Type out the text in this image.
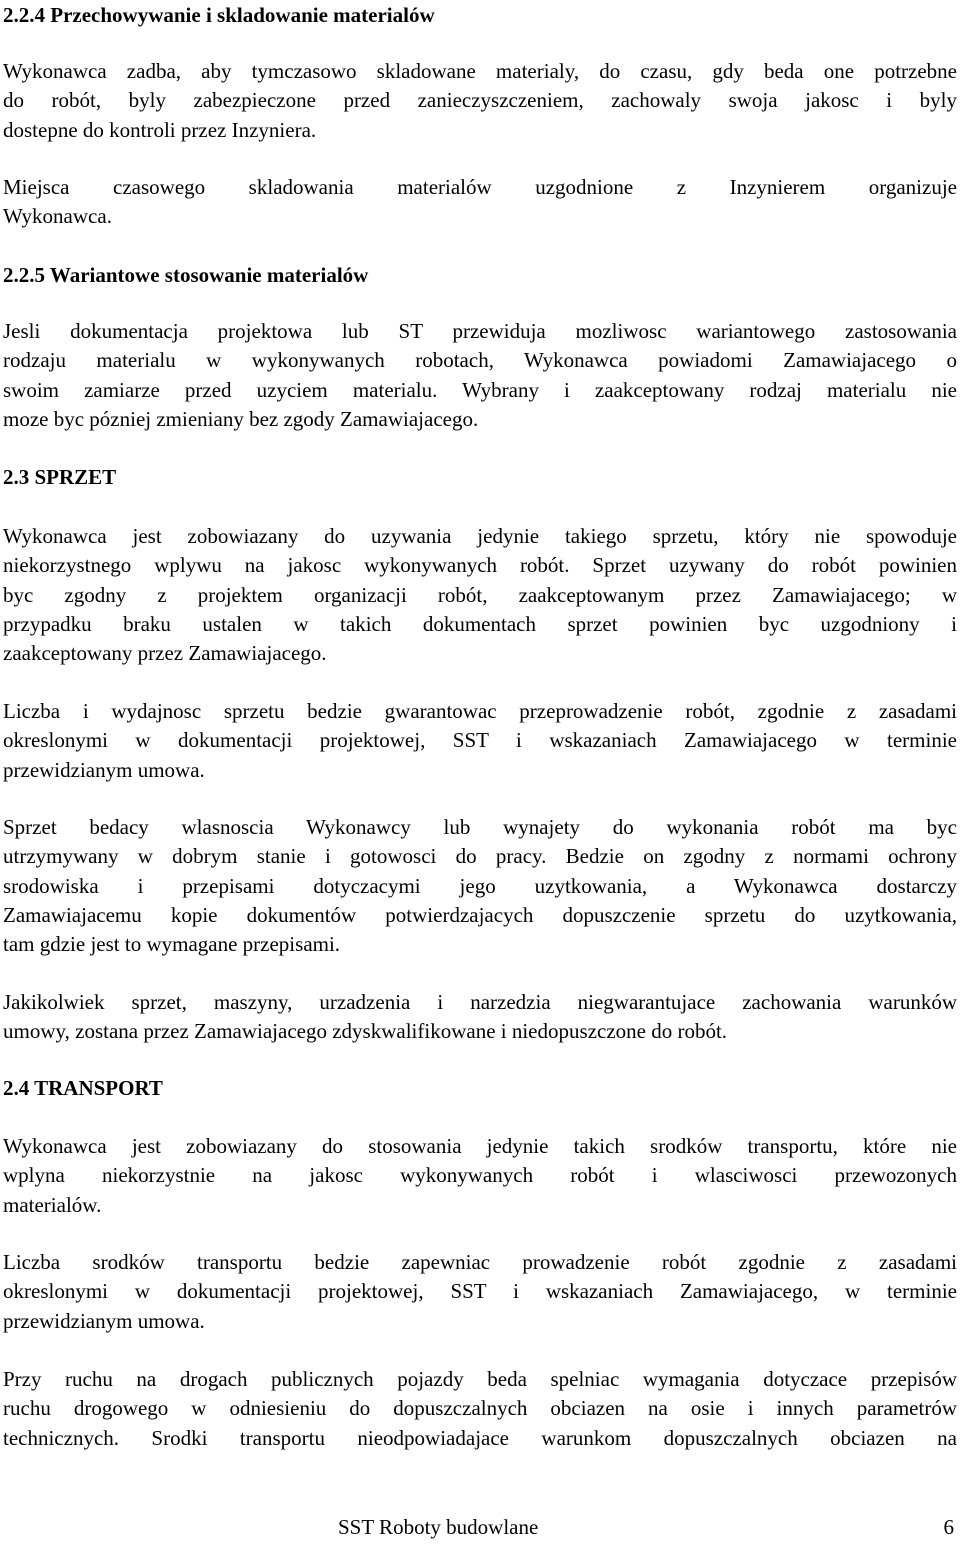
2.2.4 Przechowywanie i skladowanie materialów

Wykonawca zadba, aby tymczasowo skladowane materialy, do czasu, gdy beda one potrzebne
do robót, byly zabezpieczone przed zanieczyszczeniem, zachowaly swoja jakosc i byly
dostepne do kontroli przez Inzyniera.

Miejsca czasowego skladowania materialów uzgodnione z Inzynierem organizuje
Wykonawca.

2.2.5 Wariantowe stosowanie materialów

Jesli dokumentacja projektowa lub ST przewiduja mozliwosc wariantowego zastosowania
rodzaju materialu w wykonywanych robotach, Wykonawca powiadomi Zamawiajacego o
swoim zamiarze przed uzyciem materialu. Wybrany i zaakceptowany rodzaj materialu nie
moze byc pózniej zmieniany bez zgody Zamawiajacego.

2.3 SPRZET

Wykonawca jest zobowiazany do uzywania jedynie takiego sprzetu, który nie spowoduje
niekorzystnego wplywu na jakosc wykonywanych robót. Sprzet uzywany do robót powinien
byc zgodny z projektem organizacji robót, zaakceptowanym przez Zamawiajacego; w
przypadku braku ustalen w takich dokumentach sprzet powinien byc uzgodniony i
zaakceptowany przez Zamawiajacego.

Liczba i wydajnosc sprzetu bedzie gwarantowac przeprowadzenie robót, zgodnie z zasadami
okreslonymi w dokumentacji projektowej, SST i wskazaniach Zamawiajacego w terminie
przewidzianym umowa.

Sprzet bedacy wlasnoscia Wykonawcy lub wynajety do wykonania robót ma byc
utrzymywany w dobrym stanie i gotowosci do pracy. Bedzie on zgodny z normami ochrony
srodowiska i przepisami dotyczacymi jego uzytkowania, a Wykonawca dostarczy
Zamawiajacemu kopie dokumentów potwierdzajacych dopuszczenie sprzetu do uzytkowania,
tam gdzie jest to wymagane przepisami.

Jakikolwiek sprzet, maszyny, urzadzenia i narzedzia niegwarantujace zachowania warunków
umowy, zostana przez Zamawiajacego zdyskwalifikowane i niedopuszczone do robót.

2.4 TRANSPORT

Wykonawca jest zobowiazany do stosowania jedynie takich srodków transportu, które nie
wplyna niekorzystnie na jakosc wykonywanych robót i wlasciwosci przewozonych
materialów.

Liczba srodków transportu bedzie zapewniac prowadzenie robót zgodnie z zasadami
okreslonymi w dokumentacji projektowej, SST i wskazaniach Zamawiajacego, w terminie
przewidzianym umowa.

Przy ruchu na drogach publicznych pojazdy beda spelniac wymagania dotyczace przepisów
ruchu drogowego w odniesieniu do dopuszczalnych obciazen na osie i innych parametrów
technicznych. Srodki transportu nieodpowiadajace warunkom dopuszczalnych obciazen na

SST Roboty budowlane	6
